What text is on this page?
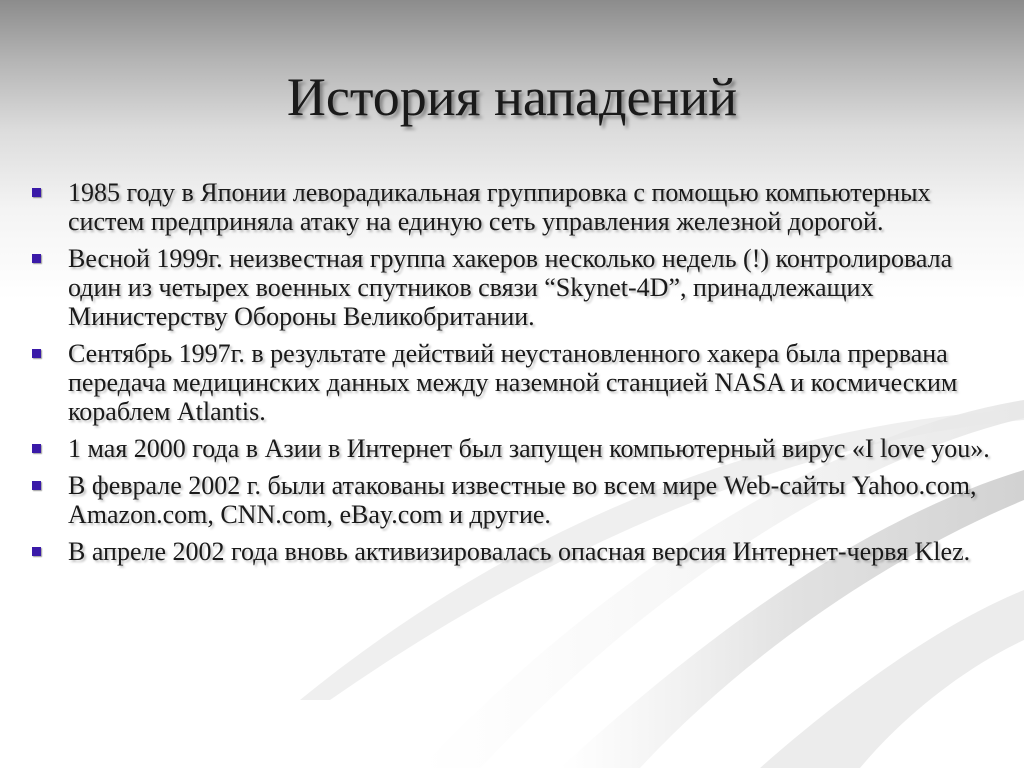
История нападений
1985 году в Японии леворадикальная группировка с помощью компьютерных систем предприняла атаку на единую сеть управления железной дорогой.
Весной 1999г. неизвестная группа хакеров несколько недель (!) контролировала один из четырех военных спутников связи “Skynet-4D”, принадлежащих Министерству Обороны Великобритании.
Сентябрь 1997г. в результате действий неустановленного хакера была прервана передача медицинских данных между наземной станцией NASA и космическим кораблем Atlantis.
1 мая 2000 года в Азии в Интернет был запущен компьютерный вирус «I love you».
В феврале 2002 г. были атакованы известные во всем мире Web-сайты Yahoo.com, Amazon.com, CNN.com, eBay.com и другие.
В апреле 2002 года вновь активизировалась опасная версия Интернет-червя Klez.
